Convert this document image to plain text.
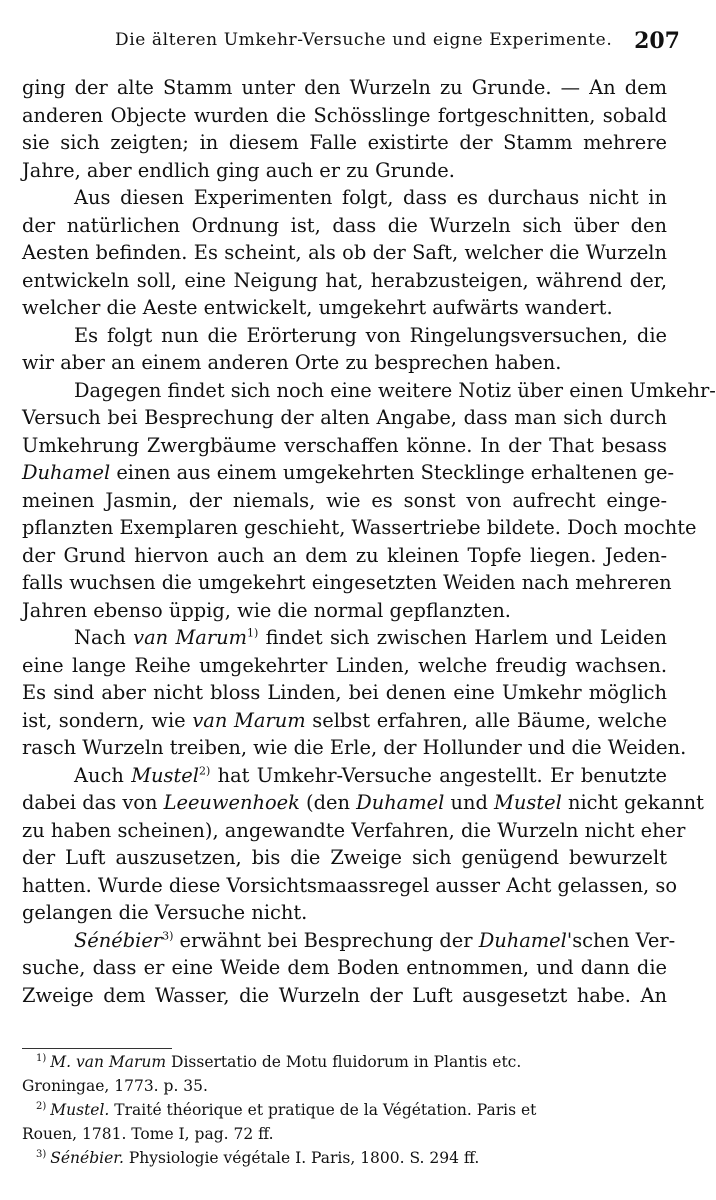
Die älteren Umkehr-Versuche und eigne Experimente. 207
ging der alte Stamm unter den Wurzeln zu Grunde. — An dem
anderen Objecte wurden die Schösslinge fortgeschnitten, sobald
sie sich zeigten; in diesem Falle existirte der Stamm mehrere
Jahre, aber endlich ging auch er zu Grunde.
Aus diesen Experimenten folgt, dass es durchaus nicht in
der natürlichen Ordnung ist, dass die Wurzeln sich über den
Aesten befinden. Es scheint, als ob der Saft, welcher die Wurzeln
entwickeln soll, eine Neigung hat, herabzusteigen, während der,
welcher die Aeste entwickelt, umgekehrt aufwärts wandert.
Es folgt nun die Erörterung von Ringelungsversuchen, die
wir aber an einem anderen Orte zu besprechen haben.
Dagegen findet sich noch eine weitere Notiz über einen Umkehr-
Versuch bei Besprechung der alten Angabe, dass man sich durch
Umkehrung Zwergbäume verschaffen könne. In der That besass
Duhamel einen aus einem umgekehrten Stecklinge erhaltenen ge-
meinen Jasmin, der niemals, wie es sonst von aufrecht einge-
pflanzten Exemplaren geschieht, Wassertriebe bildete. Doch mochte
der Grund hiervon auch an dem zu kleinen Topfe liegen. Jeden-
falls wuchsen die umgekehrt eingesetzten Weiden nach mehreren
Jahren ebenso üppig, wie die normal gepflanzten.
Nach van Marum$^{1)}$ findet sich zwischen Harlem und Leiden
eine lange Reihe umgekehrter Linden, welche freudig wachsen.
Es sind aber nicht bloss Linden, bei denen eine Umkehr möglich
ist, sondern, wie van Marum selbst erfahren, alle Bäume, welche
rasch Wurzeln treiben, wie die Erle, der Hollunder und die Weiden.
Auch Mustel$^{2)}$ hat Umkehr-Versuche angestellt. Er benutzte
dabei das von Leeuwenhoek (den Duhamel und Mustel nicht gekannt
zu haben scheinen), angewandte Verfahren, die Wurzeln nicht eher
der Luft auszusetzen, bis die Zweige sich genügend bewurzelt
hatten. Wurde diese Vorsichtsmaassregel ausser Acht gelassen, so
gelangen die Versuche nicht.
Sénébier$^{3)}$ erwähnt bei Besprechung der Duhamel'schen Ver-
suche, dass er eine Weide dem Boden entnommen, und dann die
Zweige dem Wasser, die Wurzeln der Luft ausgesetzt habe. An
$^{1)}$ M. van Marum Dissertatio de Motu fluidorum in Plantis etc.
Groningae, 1773. p. 35.
$^{2)}$ Mustel. Traité théorique et pratique de la Végétation. Paris et
Rouen, 1781. Tome I, pag. 72 ff.
$^{3)}$ Sénébier. Physiologie végétale I. Paris, 1800. S. 294 ff.
